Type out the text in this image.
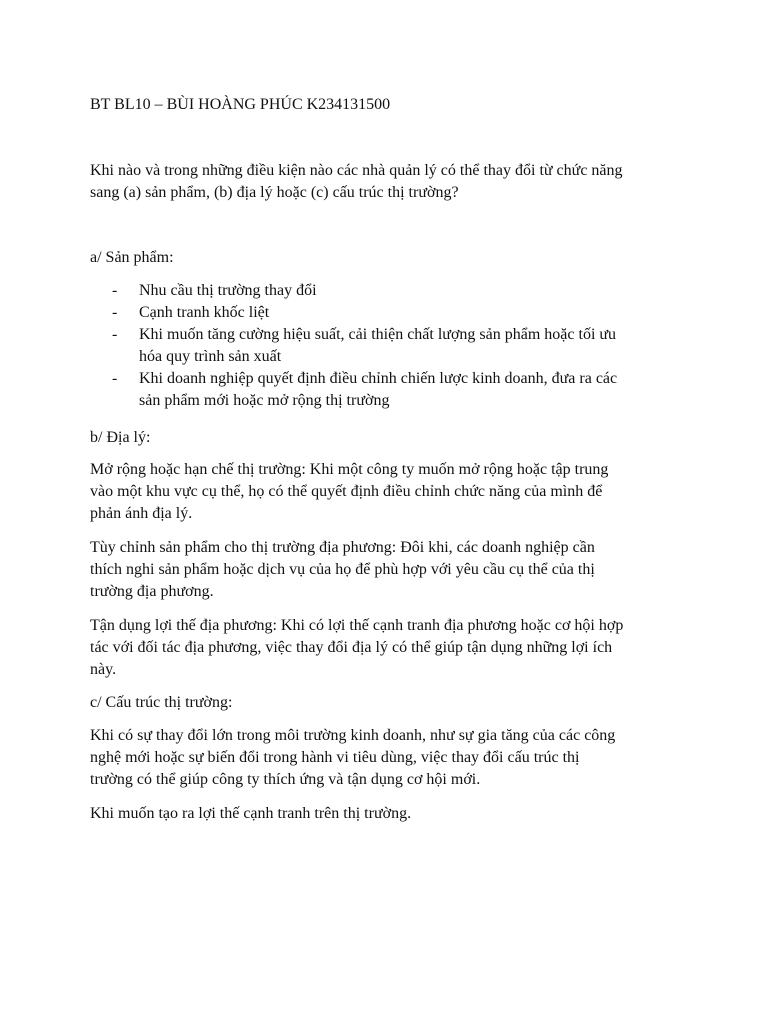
BT BL10 – BÙI HOÀNG PHÚC K234131500

Khi nào và trong những điều kiện nào các nhà quản lý có thể thay đổi từ chức năng

sang (a) sản phẩm, (b) địa lý hoặc (c) cấu trúc thị trường?

a/ Sản phẩm:

- Nhu cầu thị trường thay đổi
- Cạnh tranh khốc liệt
- Khi muốn tăng cường hiệu suất, cải thiện chất lượng sản phẩm hoặc tối ưu
hóa quy trình sản xuất
- Khi doanh nghiệp quyết định điều chỉnh chiến lược kinh doanh, đưa ra các
sản phẩm mới hoặc mở rộng thị trường

b/ Địa lý:

Mở rộng hoặc hạn chế thị trường: Khi một công ty muốn mở rộng hoặc tập trung

vào một khu vực cụ thể, họ có thể quyết định điều chỉnh chức năng của mình để

phản ánh địa lý.

Tùy chỉnh sản phẩm cho thị trường địa phương: Đôi khi, các doanh nghiệp cần

thích nghi sản phẩm hoặc dịch vụ của họ để phù hợp với yêu cầu cụ thể của thị

trường địa phương.

Tận dụng lợi thế địa phương: Khi có lợi thế cạnh tranh địa phương hoặc cơ hội hợp

tác với đối tác địa phương, việc thay đổi địa lý có thể giúp tận dụng những lợi ích

này.

c/ Cấu trúc thị trường:

Khi có sự thay đổi lớn trong môi trường kinh doanh, như sự gia tăng của các công

nghệ mới hoặc sự biến đổi trong hành vi tiêu dùng, việc thay đổi cấu trúc thị

trường có thể giúp công ty thích ứng và tận dụng cơ hội mới.

Khi muốn tạo ra lợi thế cạnh tranh trên thị trường.
